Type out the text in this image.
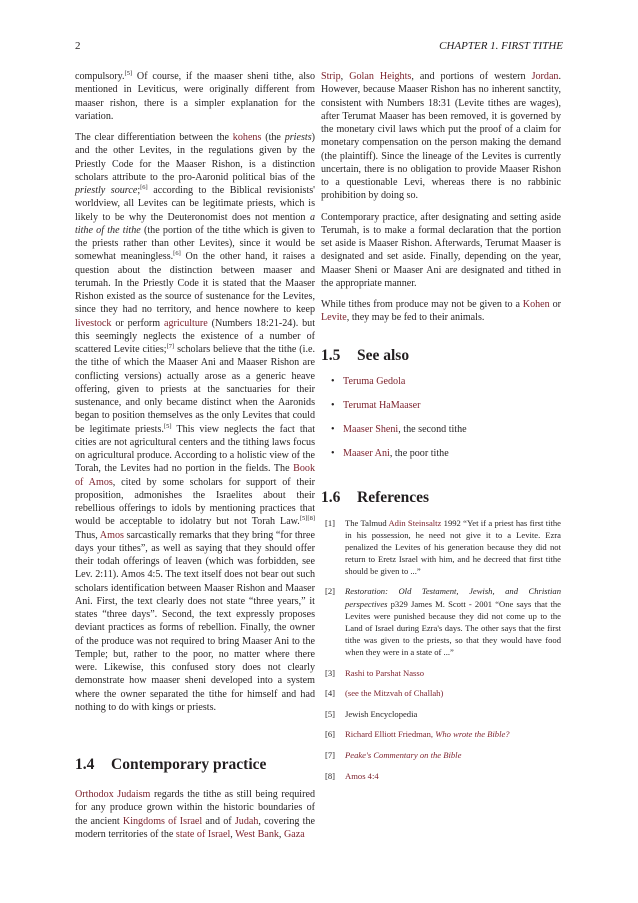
2	CHAPTER 1. FIRST TITHE

compulsory.[5] Of course, if the maaser sheni tithe, also mentioned in Leviticus, were originally different from maaser rishon, there is a simpler explanation for the variation.

The clear differentiation between the kohens (the priests) and the other Levites, in the regulations given by the Priestly Code for the Maaser Rishon, is a distinction scholars attribute to the pro-Aaronid political bias of the priestly source;[6] according to the Biblical revisionists' worldview, all Levites can be legitimate priests, which is likely to be why the Deuteronomist does not mention a tithe of the tithe (the portion of the tithe which is given to the priests rather than other Levites), since it would be somewhat meaningless.[6] On the other hand, it raises a question about the distinction between maaser and terumah. In the Priestly Code it is stated that the Maaser Rishon existed as the source of sustenance for the Levites, since they had no territory, and hence nowhere to keep livestock or perform agriculture (Numbers 18:21-24). but this seemingly neglects the existence of a number of scattered Levite cities;[7] scholars believe that the tithe (i.e. the tithe of which the Maaser Ani and Maaser Rishon are conflicting versions) actually arose as a generic heave offering, given to priests at the sanctuaries for their sustenance, and only became distinct when the Aaronids began to position themselves as the only Levites that could be legitimate priests.[5] This view neglects the fact that cities are not agricultural centers and the tithing laws focus on agricultural produce. According to a holistic view of the Torah, the Levites had no portion in the fields. The Book of Amos, cited by some scholars for support of their proposition, admonishes the Israelites about their rebellious offerings to idols by mentioning practices that would be acceptable to idolatry but not Torah Law.[5][8] Thus, Amos sarcastically remarks that they bring “for three days your tithes”, as well as saying that they should offer their todah offerings of leaven (which was forbidden, see Lev. 2:11). Amos 4:5. The text itself does not bear out such scholars identification between Maaser Rishon and Maaser Ani. First, the text clearly does not state “three years,” it states “three days”. Second, the text expressly proposes deviant practices as forms of rebellion. Finally, the owner of the produce was not required to bring Maaser Ani to the Temple; but, rather to the poor, no matter where there were. Likewise, this confused story does not clearly demonstrate how maaser sheni developed into a system where the owner separated the tithe for himself and had nothing to do with kings or priests.

1.4 Contemporary practice

Orthodox Judaism regards the tithe as still being required for any produce grown within the historic boundaries of the ancient Kingdoms of Israel and of Judah, covering the modern territories of the state of Israel, West Bank, Gaza

Strip, Golan Heights, and portions of western Jordan. However, because Maaser Rishon has no inherent sanctity, consistent with Numbers 18:31 (Levite tithes are wages), after Terumat Maaser has been removed, it is governed by the monetary civil laws which put the proof of a claim for monetary compensation on the person making the demand (the plaintiff). Since the lineage of the Levites is currently uncertain, there is no obligation to provide Maaser Rishon to a questionable Levi, whereas there is no rabbinic prohibition by doing so.

Contemporary practice, after designating and setting aside Terumah, is to make a formal declaration that the portion set aside is Maaser Rishon. Afterwards, Terumat Maaser is designated and set aside. Finally, depending on the year, Maaser Sheni or Maaser Ani are designated and tithed in the appropriate manner.

While tithes from produce may not be given to a Kohen or Levite, they may be fed to their animals.

1.5 See also
• Teruma Gedola
• Terumat HaMaaser
• Maaser Sheni, the second tithe
• Maaser Ani, the poor tithe
1.6 References
[1] The Talmud Adin Steinsaltz 1992 “Yet if a priest has first tithe in his possession, he need not give it to a Levite. Ezra penalized the Levites of his generation because they did not return to Eretz Israel with him, and he decreed that first tithe should be given to ...”
[2] Restoration: Old Testament, Jewish, and Christian perspectives p329 James M. Scott - 2001 “One says that the Levites were punished because they did not come up to the Land of Israel during Ezra's days. The other says that the first tithe was given to the priests, so that they would have food when they were in a state of ...”
[3] Rashi to Parshat Nasso
[4] (see the Mitzvah of Challah)
[5] Jewish Encyclopedia
[6] Richard Elliott Friedman, Who wrote the Bible?
[7] Peake's Commentary on the Bible
[8] Amos 4:4
